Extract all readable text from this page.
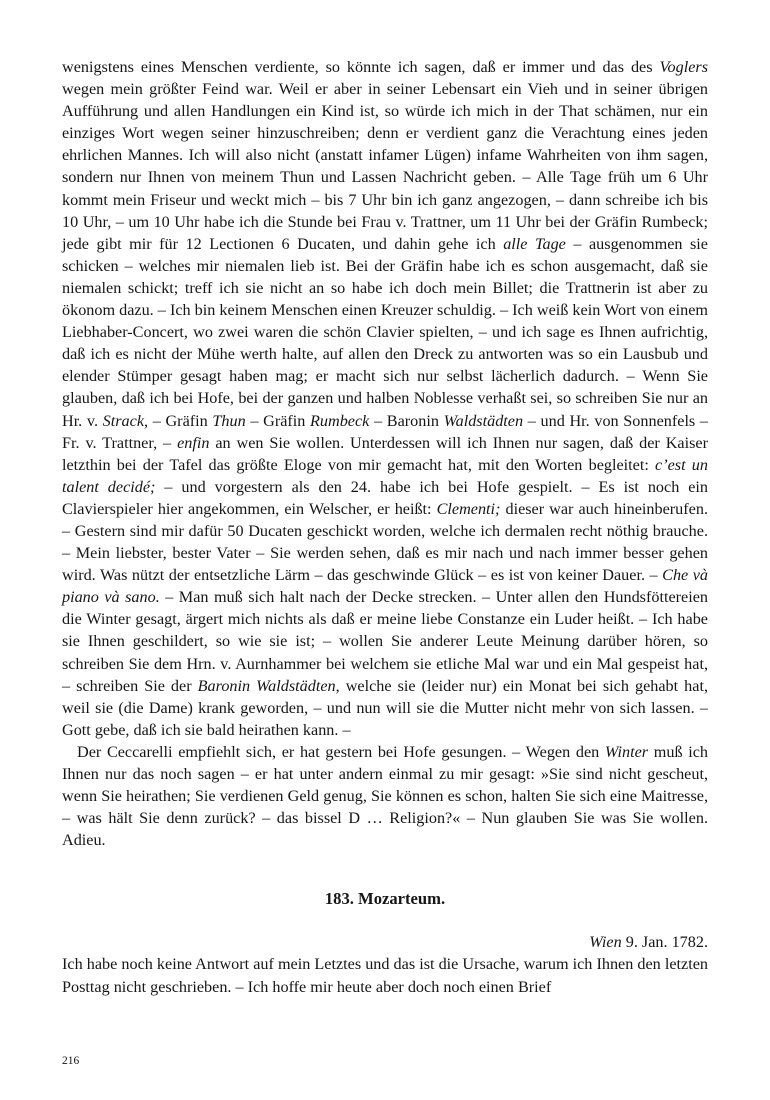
wenigstens eines Menschen verdiente, so könnte ich sagen, daß er immer und das des Voglers wegen mein größter Feind war. Weil er aber in seiner Lebensart ein Vieh und in seiner übrigen Aufführung und allen Handlungen ein Kind ist, so würde ich mich in der That schämen, nur ein einziges Wort wegen seiner hinzuschreiben; denn er verdient ganz die Verachtung eines jeden ehrlichen Mannes. Ich will also nicht (anstatt infamer Lügen) infame Wahrheiten von ihm sagen, sondern nur Ihnen von meinem Thun und Lassen Nachricht geben. – Alle Tage früh um 6 Uhr kommt mein Friseur und weckt mich – bis 7 Uhr bin ich ganz angezogen, – dann schreibe ich bis 10 Uhr, – um 10 Uhr habe ich die Stunde bei Frau v. Trattner, um 11 Uhr bei der Gräfin Rumbeck; jede gibt mir für 12 Lectionen 6 Ducaten, und dahin gehe ich alle Tage – ausgenommen sie schicken – welches mir niemalen lieb ist. Bei der Gräfin habe ich es schon ausgemacht, daß sie niemalen schickt; treff ich sie nicht an so habe ich doch mein Billet; die Trattnerin ist aber zu ökonom dazu. – Ich bin keinem Menschen einen Kreuzer schuldig. – Ich weiß kein Wort von einem Liebhaber-Concert, wo zwei waren die schön Clavier spielten, – und ich sage es Ihnen aufrichtig, daß ich es nicht der Mühe werth halte, auf allen den Dreck zu antworten was so ein Lausbub und elender Stümper gesagt haben mag; er macht sich nur selbst lächerlich dadurch. – Wenn Sie glauben, daß ich bei Hofe, bei der ganzen und halben Noblesse verhaßt sei, so schreiben Sie nur an Hr. v. Strack, – Gräfin Thun – Gräfin Rumbeck – Baronin Waldstädten – und Hr. von Sonnenfels – Fr. v. Trattner, – enfin an wen Sie wollen. Unterdessen will ich Ihnen nur sagen, daß der Kaiser letzthin bei der Tafel das größte Eloge von mir gemacht hat, mit den Worten begleitet: c’est un talent decidé; – und vorgestern als den 24. habe ich bei Hofe gespielt. – Es ist noch ein Clavierspieler hier angekommen, ein Welscher, er heißt: Clementi; dieser war auch hineinberufen. – Gestern sind mir dafür 50 Ducaten geschickt worden, welche ich dermalen recht nöthig brauche. – Mein liebster, bester Vater – Sie werden sehen, daß es mir nach und nach immer besser gehen wird. Was nützt der entsetzliche Lärm – das geschwinde Glück – es ist von keiner Dauer. – Che và piano và sano. – Man muß sich halt nach der Decke strecken. – Unter allen den Hundsföttereien die Winter gesagt, ärgert mich nichts als daß er meine liebe Constanze ein Luder heißt. – Ich habe sie Ihnen geschildert, so wie sie ist; – wollen Sie anderer Leute Meinung darüber hören, so schreiben Sie dem Hrn. v. Aurnhammer bei welchem sie etliche Mal war und ein Mal gespeist hat, – schreiben Sie der Baronin Waldstädten, welche sie (leider nur) ein Monat bei sich gehabt hat, weil sie (die Dame) krank geworden, – und nun will sie die Mutter nicht mehr von sich lassen. – Gott gebe, daß ich sie bald heirathen kann. –

Der Ceccarelli empfiehlt sich, er hat gestern bei Hofe gesungen. – Wegen den Winter muß ich Ihnen nur das noch sagen – er hat unter andern einmal zu mir gesagt: »Sie sind nicht gescheut, wenn Sie heirathen; Sie verdienen Geld genug, Sie können es schon, halten Sie sich eine Maitresse, – was hält Sie denn zurück? – das bissel D … Religion?« – Nun glauben Sie was Sie wollen. Adieu.

183. Mozarteum.

Wien 9. Jan. 1782.

Ich habe noch keine Antwort auf mein Letztes und das ist die Ursache, warum ich Ihnen den letzten Posttag nicht geschrieben. – Ich hoffe mir heute aber doch noch einen Brief

216
